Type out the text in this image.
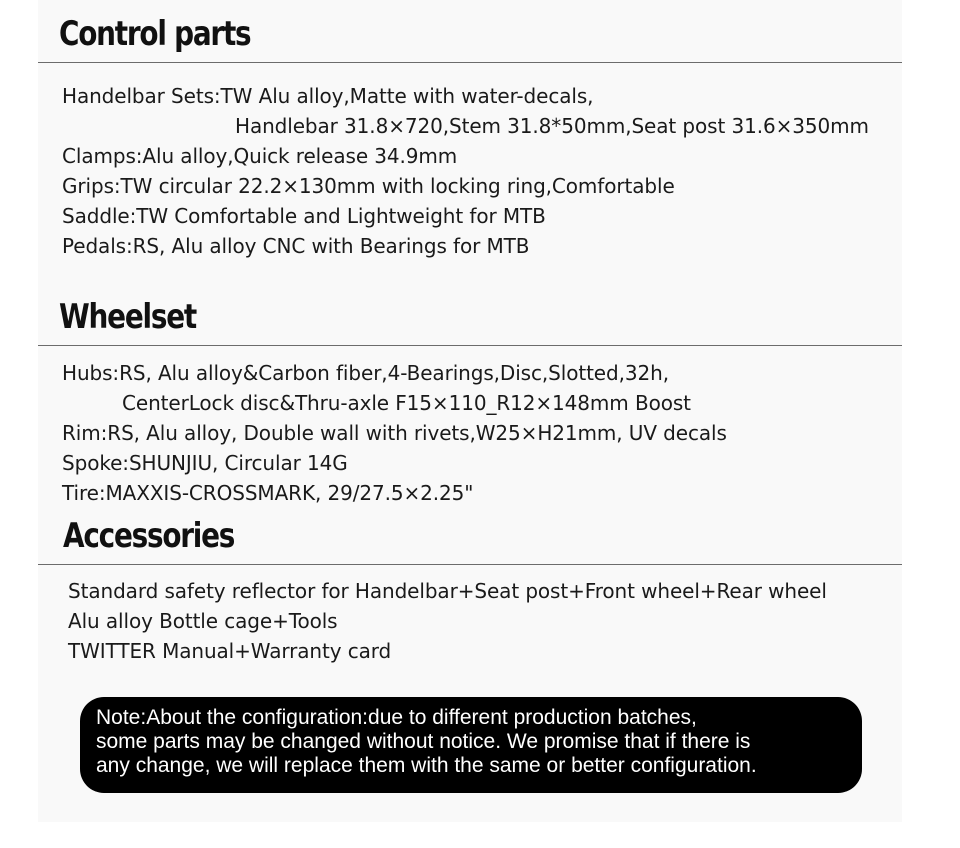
Control parts
Handelbar Sets:TW Alu alloy,Matte with water-decals,
Handlebar 31.8×720,Stem 31.8*50mm,Seat post 31.6×350mm
Clamps:Alu alloy,Quick release 34.9mm
Grips:TW circular 22.2×130mm with locking ring,Comfortable
Saddle:TW Comfortable and Lightweight for MTB
Pedals:RS, Alu alloy CNC with Bearings for MTB
Wheelset
Hubs:RS, Alu alloy&Carbon fiber,4-Bearings,Disc,Slotted,32h,
CenterLock disc&Thru-axle F15×110_R12×148mm Boost
Rim:RS, Alu alloy, Double wall with rivets,W25×H21mm, UV decals
Spoke:SHUNJIU, Circular 14G
Tire:MAXXIS-CROSSMARK, 29/27.5×2.25"
Accessories
Standard safety reflector for Handelbar+Seat post+Front wheel+Rear wheel
Alu alloy Bottle cage+Tools
TWITTER Manual+Warranty card
Note:About the configuration:due to different production batches,
some parts may be changed without notice. We promise that if there is
any change, we will replace them with the same or better configuration.
